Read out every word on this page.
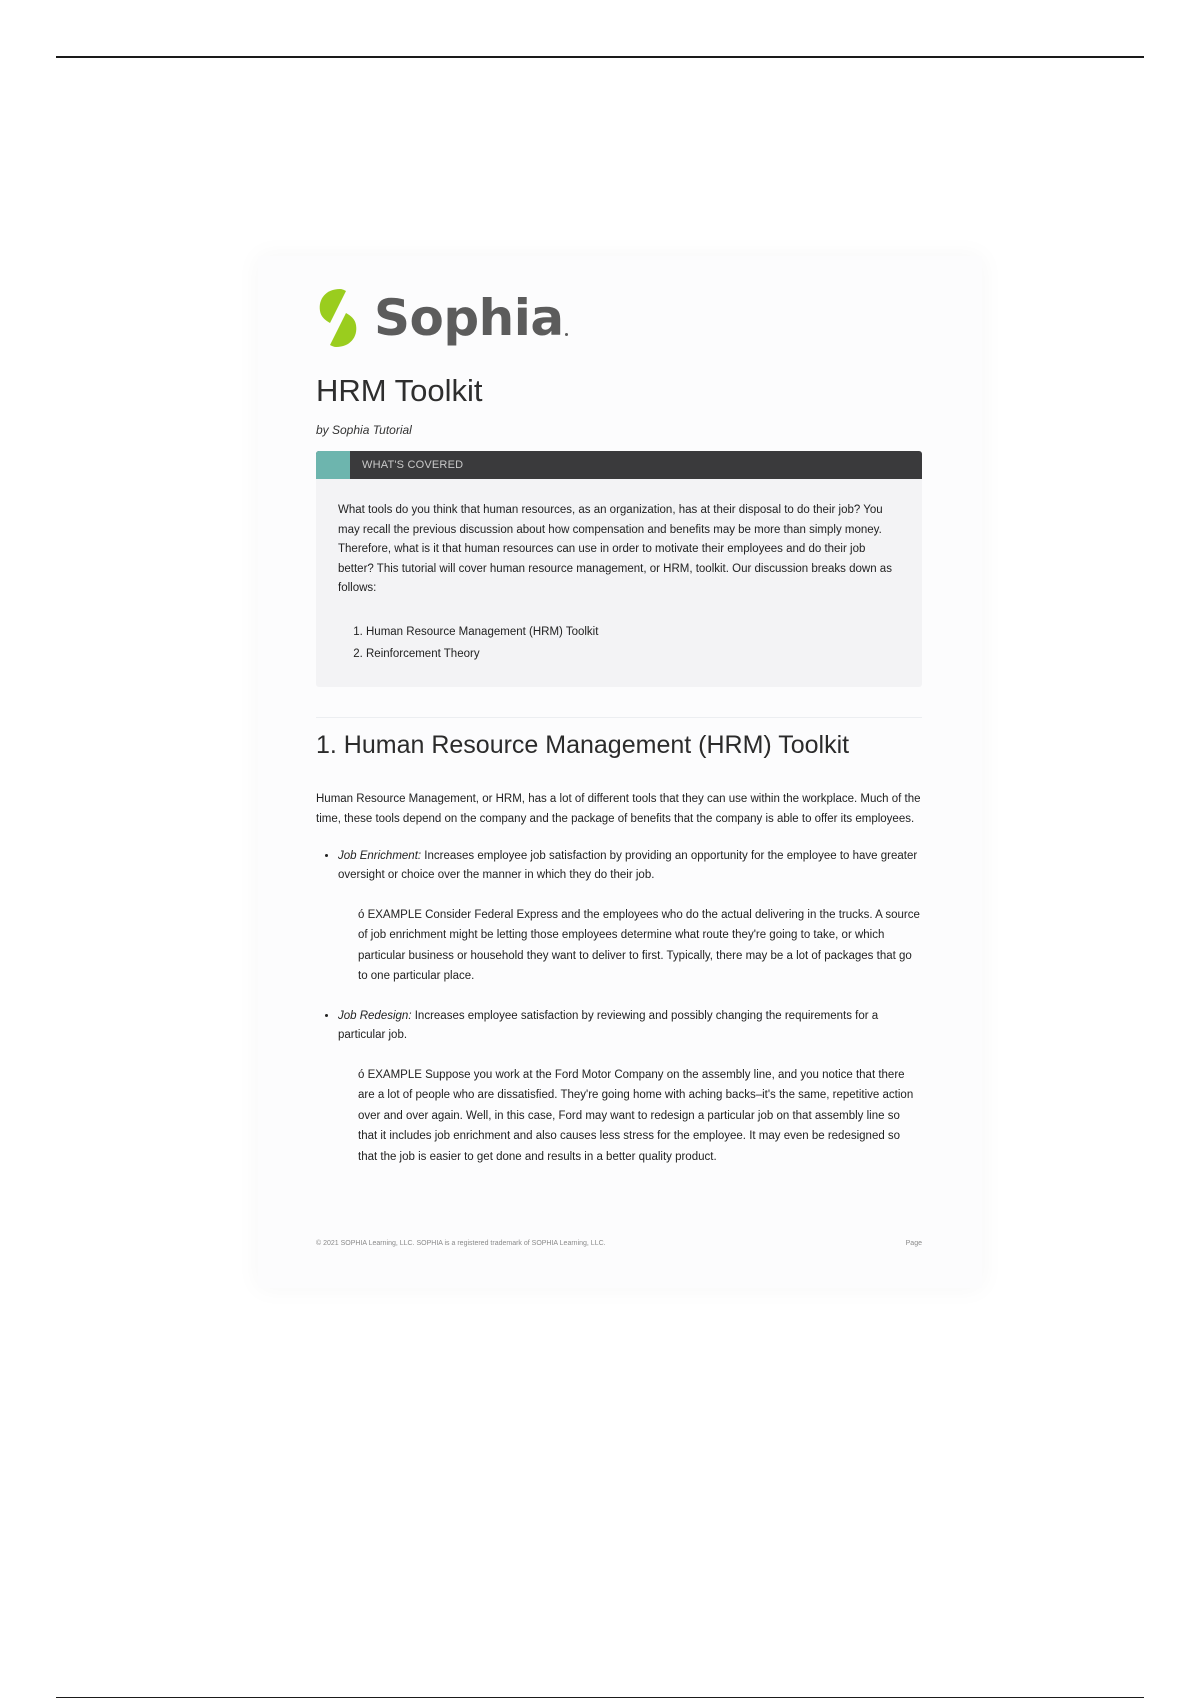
Sophia
HRM Toolkit
by Sophia Tutorial
WHAT'S COVERED
What tools do you think that human resources, as an organization, has at their disposal to do their job? You may recall the previous discussion about how compensation and benefits may be more than simply money. Therefore, what is it that human resources can use in order to motivate their employees and do their job better? This tutorial will cover human resource management, or HRM, toolkit. Our discussion breaks down as follows:
1. Human Resource Management (HRM) Toolkit
2. Reinforcement Theory
1. Human Resource Management (HRM) Toolkit
Human Resource Management, or HRM, has a lot of different tools that they can use within the workplace. Much of the time, these tools depend on the company and the package of benefits that the company is able to offer its employees.
• Job Enrichment: Increases employee job satisfaction by providing an opportunity for the employee to have greater oversight or choice over the manner in which they do their job.
ó EXAMPLE Consider Federal Express and the employees who do the actual delivering in the trucks. A source of job enrichment might be letting those employees determine what route they're going to take, or which particular business or household they want to deliver to first. Typically, there may be a lot of packages that go to one particular place.
• Job Redesign: Increases employee satisfaction by reviewing and possibly changing the requirements for a particular job.
ó EXAMPLE Suppose you work at the Ford Motor Company on the assembly line, and you notice that there are a lot of people who are dissatisfied. They're going home with aching backs–it's the same, repetitive action over and over again. Well, in this case, Ford may want to redesign a particular job on that assembly line so that it includes job enrichment and also causes less stress for the employee. It may even be redesigned so that the job is easier to get done and results in a better quality product.
© 2021 SOPHIA Learning, LLC. SOPHIA is a registered trademark of SOPHIA Learning, LLC.	Page
